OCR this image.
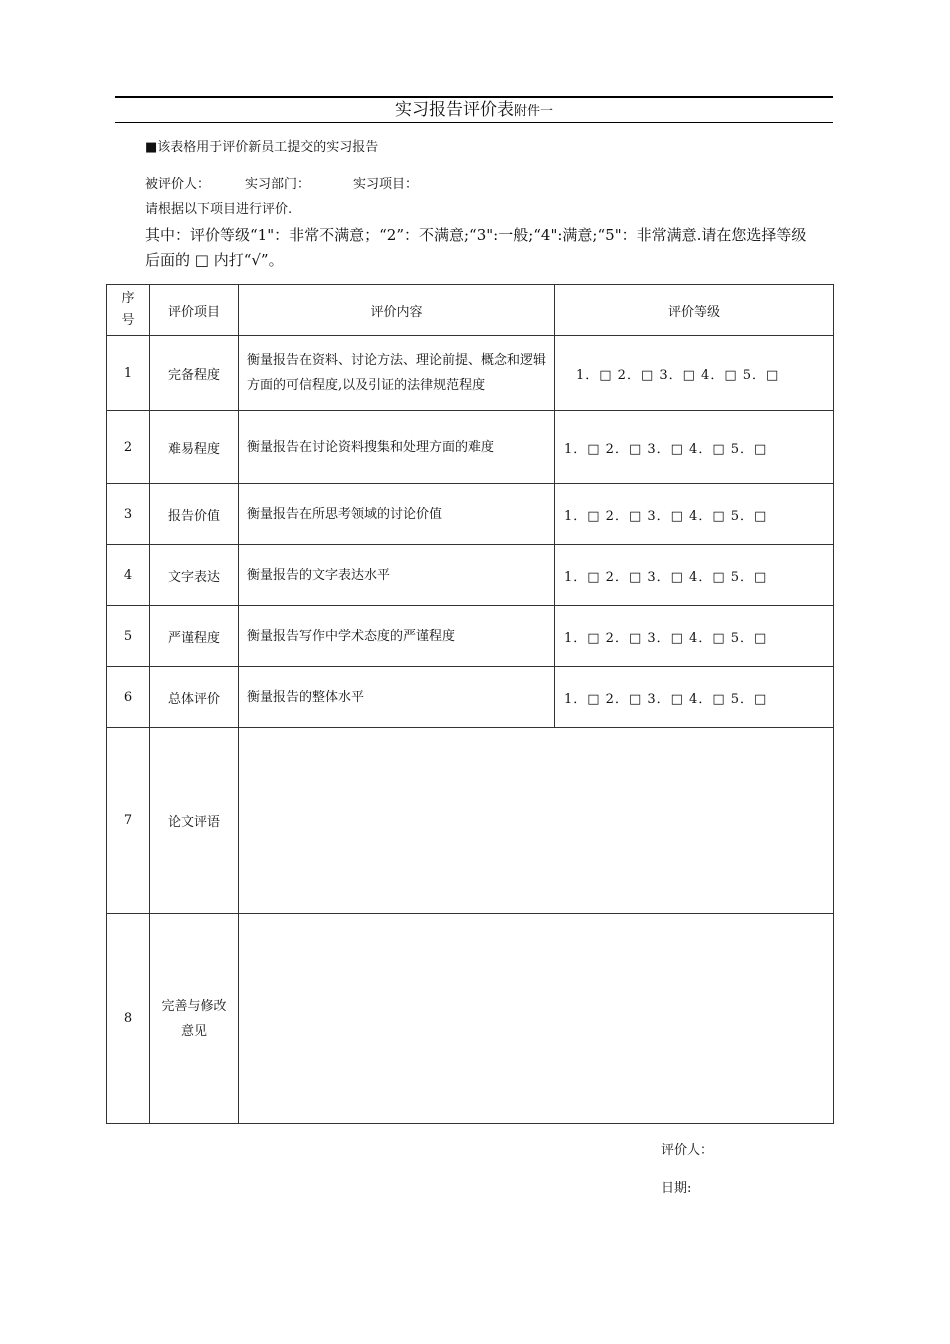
实习报告评价表附件一
■该表格用于评价新员工提交的实习报告
被评价人：	实习部门：	实习项目：
请根据以下项目进行评价.
其中：评价等级“1"：非常不满意；“2”：不满意;“3":一般;“4":满意;“5"：非常满意.请在您选择等级后面的 □ 内打“√”。
序号	评价项目	评价内容	评价等级
1	完备程度	衡量报告在资料、讨论方法、理论前提、概念和逻辑方面的可信程度,以及引证的法律规范程度	1．□ 2．□ 3．□ 4．□ 5．□
2	难易程度	衡量报告在讨论资料搜集和处理方面的难度	1．□ 2．□ 3．□ 4．□ 5．□
3	报告价值	衡量报告在所思考领域的讨论价值	1．□ 2．□ 3．□ 4．□ 5．□
4	文字表达	衡量报告的文字表达水平	1．□ 2．□ 3．□ 4．□ 5．□
5	严谨程度	衡量报告写作中学术态度的严谨程度	1．□ 2．□ 3．□ 4．□ 5．□
6	总体评价	衡量报告的整体水平	1．□ 2．□ 3．□ 4．□ 5．□
7	论文评语		
8	完善与修改意见		
评价人：
日期:
